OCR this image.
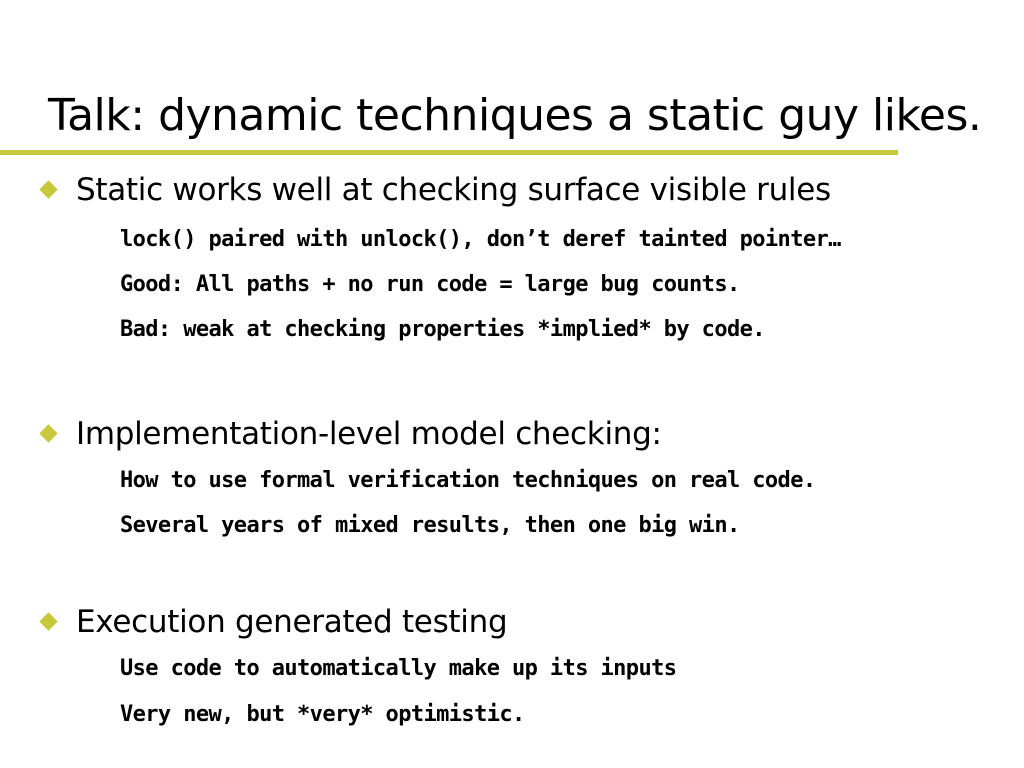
Talk: dynamic techniques a static guy likes.
Static works well at checking surface visible rules
lock() paired with unlock(), don’t deref tainted pointer…
Good: All paths + no run code = large bug counts.
Bad: weak at checking properties *implied* by code.
Implementation-level model checking:
How to use formal verification techniques on real code.
Several years of mixed results, then one big win.
Execution generated testing
Use code to automatically make up its inputs
Very new, but *very* optimistic.
